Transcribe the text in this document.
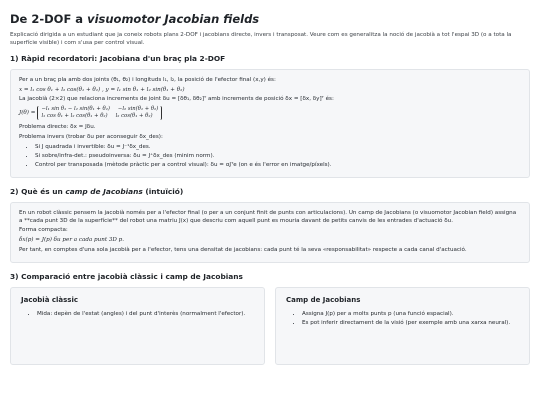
De 2-DOF a visuomotor Jacobian fields

Explicació dirigida a un estudiant que ja coneix robots plans 2-DOF i jacobians directe, invers i transposat. Veure com es generalitza la noció de jacobià a tot l'espai 3D (o a tota la superfície visible) i com s'usa per control visual.

1) Ràpid recordatori: Jacobiana d'un braç pla 2-DOF

Per a un braç pla amb dos joints (θ₁, θ₂) i longituds l₁, l₂, la posició de l'efector final (x,y) és:

x = l₁ cos θ₁ + l₂ cos(θ₁ + θ₂) , y = l₁ sin θ₁ + l₂ sin(θ₁ + θ₂)

La jacobià (2×2) que relaciona increments de joint δu = [δθ₁, δθ₂]ᵀ amb increments de posició δx = [δx, δy]ᵀ és:

J(θ) =
−l₁ sin θ₁ − l₂ sin(θ₁ + θ₂) −l₂ sin(θ₁ + θ₂)
l₁ cos θ₁ + l₂ cos(θ₁ + θ₂) l₂ cos(θ₁ + θ₂)

Problema directe: δx = Jδu.

Problema invers (trobar δu per aconseguir δx_des):

• Si J quadrada i invertible: δu = J⁻¹δx_des.
• Si sobre/infra-det.: pseudoinversa: δu = J⁺δx_des (minim norm).
• Control per transposada (mètode pràctic per a control visual): δu = αJᵀe (on e és l'error en imatge/píxels).
2) Què és un camp de Jacobians (intuïció)

En un robot clàssic pensem la jacobià només per a l'efector final (o per a un conjunt finit de punts con articulacions). Un camp de Jacobians (o visuomotor Jacobian field) assigna a **cada punt 3D de la superfície** del robot una matriu J(x) que descriu com aquell punt es mouria davant de petits canvis de les entrades d'actuació δu.

Forma compacta:

δx(p) = J(p) δu per a cada punt 3D p.

Per tant, en comptes d'una sola jacobià per a l'efector, tens una densitat de jacobians: cada punt té la seva «responsabilitat» respecte a cada canal d'actuació.

3) Comparació entre jacobià clàssic i camp de Jacobians
Jacobià clàssic
• Mida: depèn de l'estat (angles) i del punt d'interès (normalment l'efector).
Camp de Jacobians
• Assigna J(p) per a molts punts p (una funció espacial).
• Es pot inferir directament de la visió (per exemple amb una xarxa neural).
